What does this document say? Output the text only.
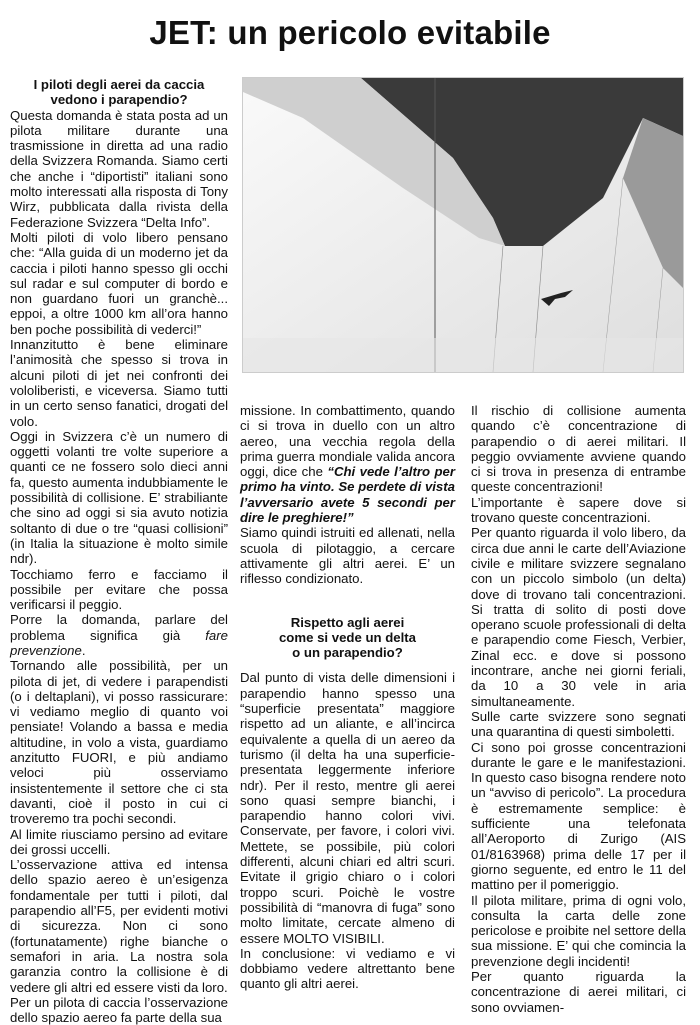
JET: un pericolo evitabile

I piloti degli aerei da caccia
vedono i parapendio?

Questa domanda è stata posta ad un pilota militare durante una trasmissione in diretta ad una radio della Svizzera Romanda. Siamo certi che anche i “diportisti” italiani sono molto interessati alla risposta di Tony Wirz, pubblicata dalla rivista della Federazione Svizzera “Delta Info”.

Molti piloti di volo libero pensano che: “Alla guida di un moderno jet da caccia i piloti hanno spesso gli occhi sul radar e sul computer di bordo e non guardano fuori un granchè... eppoi, a oltre 1000 km all’ora hanno ben poche possibilità di vederci!”

Innanzitutto è bene eliminare l’animosità che spesso si trova in alcuni piloti di jet nei confronti dei vololiberisti, e viceversa. Siamo tutti in un certo senso fanatici, drogati del volo.

Oggi in Svizzera c’è un numero di oggetti volanti tre volte superiore a quanti ce ne fossero solo dieci anni fa, questo aumenta indubbiamente le possibilità di collisione. E’ strabiliante che sino ad oggi si sia avuto notizia soltanto di due o tre “quasi collisioni” (in Italia la situazione è molto simile ndr).

Tocchiamo ferro e facciamo il possibile per evitare che possa verificarsi il peggio.

Porre la domanda, parlare del problema significa già fare prevenzione.

Tornando alle possibilità, per un pilota di jet, di vedere i parapendisti (o i deltaplani), vi posso rassicurare: vi vediamo meglio di quanto voi pensiate! Volando a bassa e media altitudine, in volo a vista, guardiamo anzitutto FUORI, e più andiamo veloci più osserviamo insistentemente il settore che ci sta davanti, cioè il posto in cui ci troveremo tra pochi secondi.

Al limite riusciamo persino ad evitare dei grossi uccelli.

L’osservazione attiva ed intensa dello spazio aereo è un’esigenza fondamentale per tutti i piloti, dal parapendio all’F5, per evidenti motivi di sicurezza. Non ci sono (fortunatamente) righe bianche o semafori in aria. La nostra sola garanzia contro la collisione è di vedere gli altri ed essere visti da loro.

Per un pilota di caccia l’osservazione dello spazio aereo fa parte della sua

missione. In combattimento, quando ci si trova in duello con un altro aereo, una vecchia regola della prima guerra mondiale valida ancora oggi, dice che “Chi vede l’altro per primo ha vinto. Se perdete di vista l’avversario avete 5 secondi per dire le preghiere!”

Siamo quindi istruiti ed allenati, nella scuola di pilotaggio, a cercare attivamente gli altri aerei. E’ un riflesso condizionato.

Rispetto agli aerei
come si vede un delta
o un parapendio?

Dal punto di vista delle dimensioni i parapendio hanno spesso una “superficie presentata” maggiore rispetto ad un aliante, e all’incirca equivalente a quella di un aereo da turismo (il delta ha una superficie-presentata leggermente inferiore ndr). Per il resto, mentre gli aerei sono quasi sempre bianchi, i parapendio hanno colori vivi. Conservate, per favore, i colori vivi. Mettete, se possibile, più colori differenti, alcuni chiari ed altri scuri. Evitate il grigio chiaro o i colori troppo scuri. Poichè le vostre possibilità di “manovra di fuga” sono molto limitate, cercate almeno di essere MOLTO VISIBILI.

In conclusione: vi vediamo e vi dobbiamo vedere altrettanto bene quanto gli altri aerei.

Il rischio di collisione aumenta quando c’è concentrazione di parapendio o di aerei militari. Il peggio ovviamente avviene quando ci si trova in presenza di entrambe queste concentrazioni!

L’importante è sapere dove si trovano queste concentrazioni.

Per quanto riguarda il volo libero, da circa due anni le carte dell’Aviazione civile e militare svizzere segnalano con un piccolo simbolo (un delta) dove di trovano tali concentrazioni. Si tratta di solito di posti dove operano scuole professionali di delta e parapendio come Fiesch, Verbier, Zinal ecc. e dove si possono incontrare, anche nei giorni feriali, da 10 a 30 vele in aria simultaneamente.

Sulle carte svizzere sono segnati una quarantina di questi simboletti.

Ci sono poi grosse concentrazioni durante le gare e le manifestazioni. In questo caso bisogna rendere noto un “avviso di pericolo”. La procedura è estremamente semplice: è sufficiente una telefonata all’Aeroporto di Zurigo (AIS 01/8163968) prima delle 17 per il giorno seguente, ed entro le 11 del mattino per il pomeriggio.

Il pilota militare, prima di ogni volo, consulta la carta delle zone pericolose e proibite nel settore della sua missione. E’ qui che comincia la prevenzione degli incidenti!

Per quanto riguarda la concentrazione di aerei militari, ci sono ovviamen-
